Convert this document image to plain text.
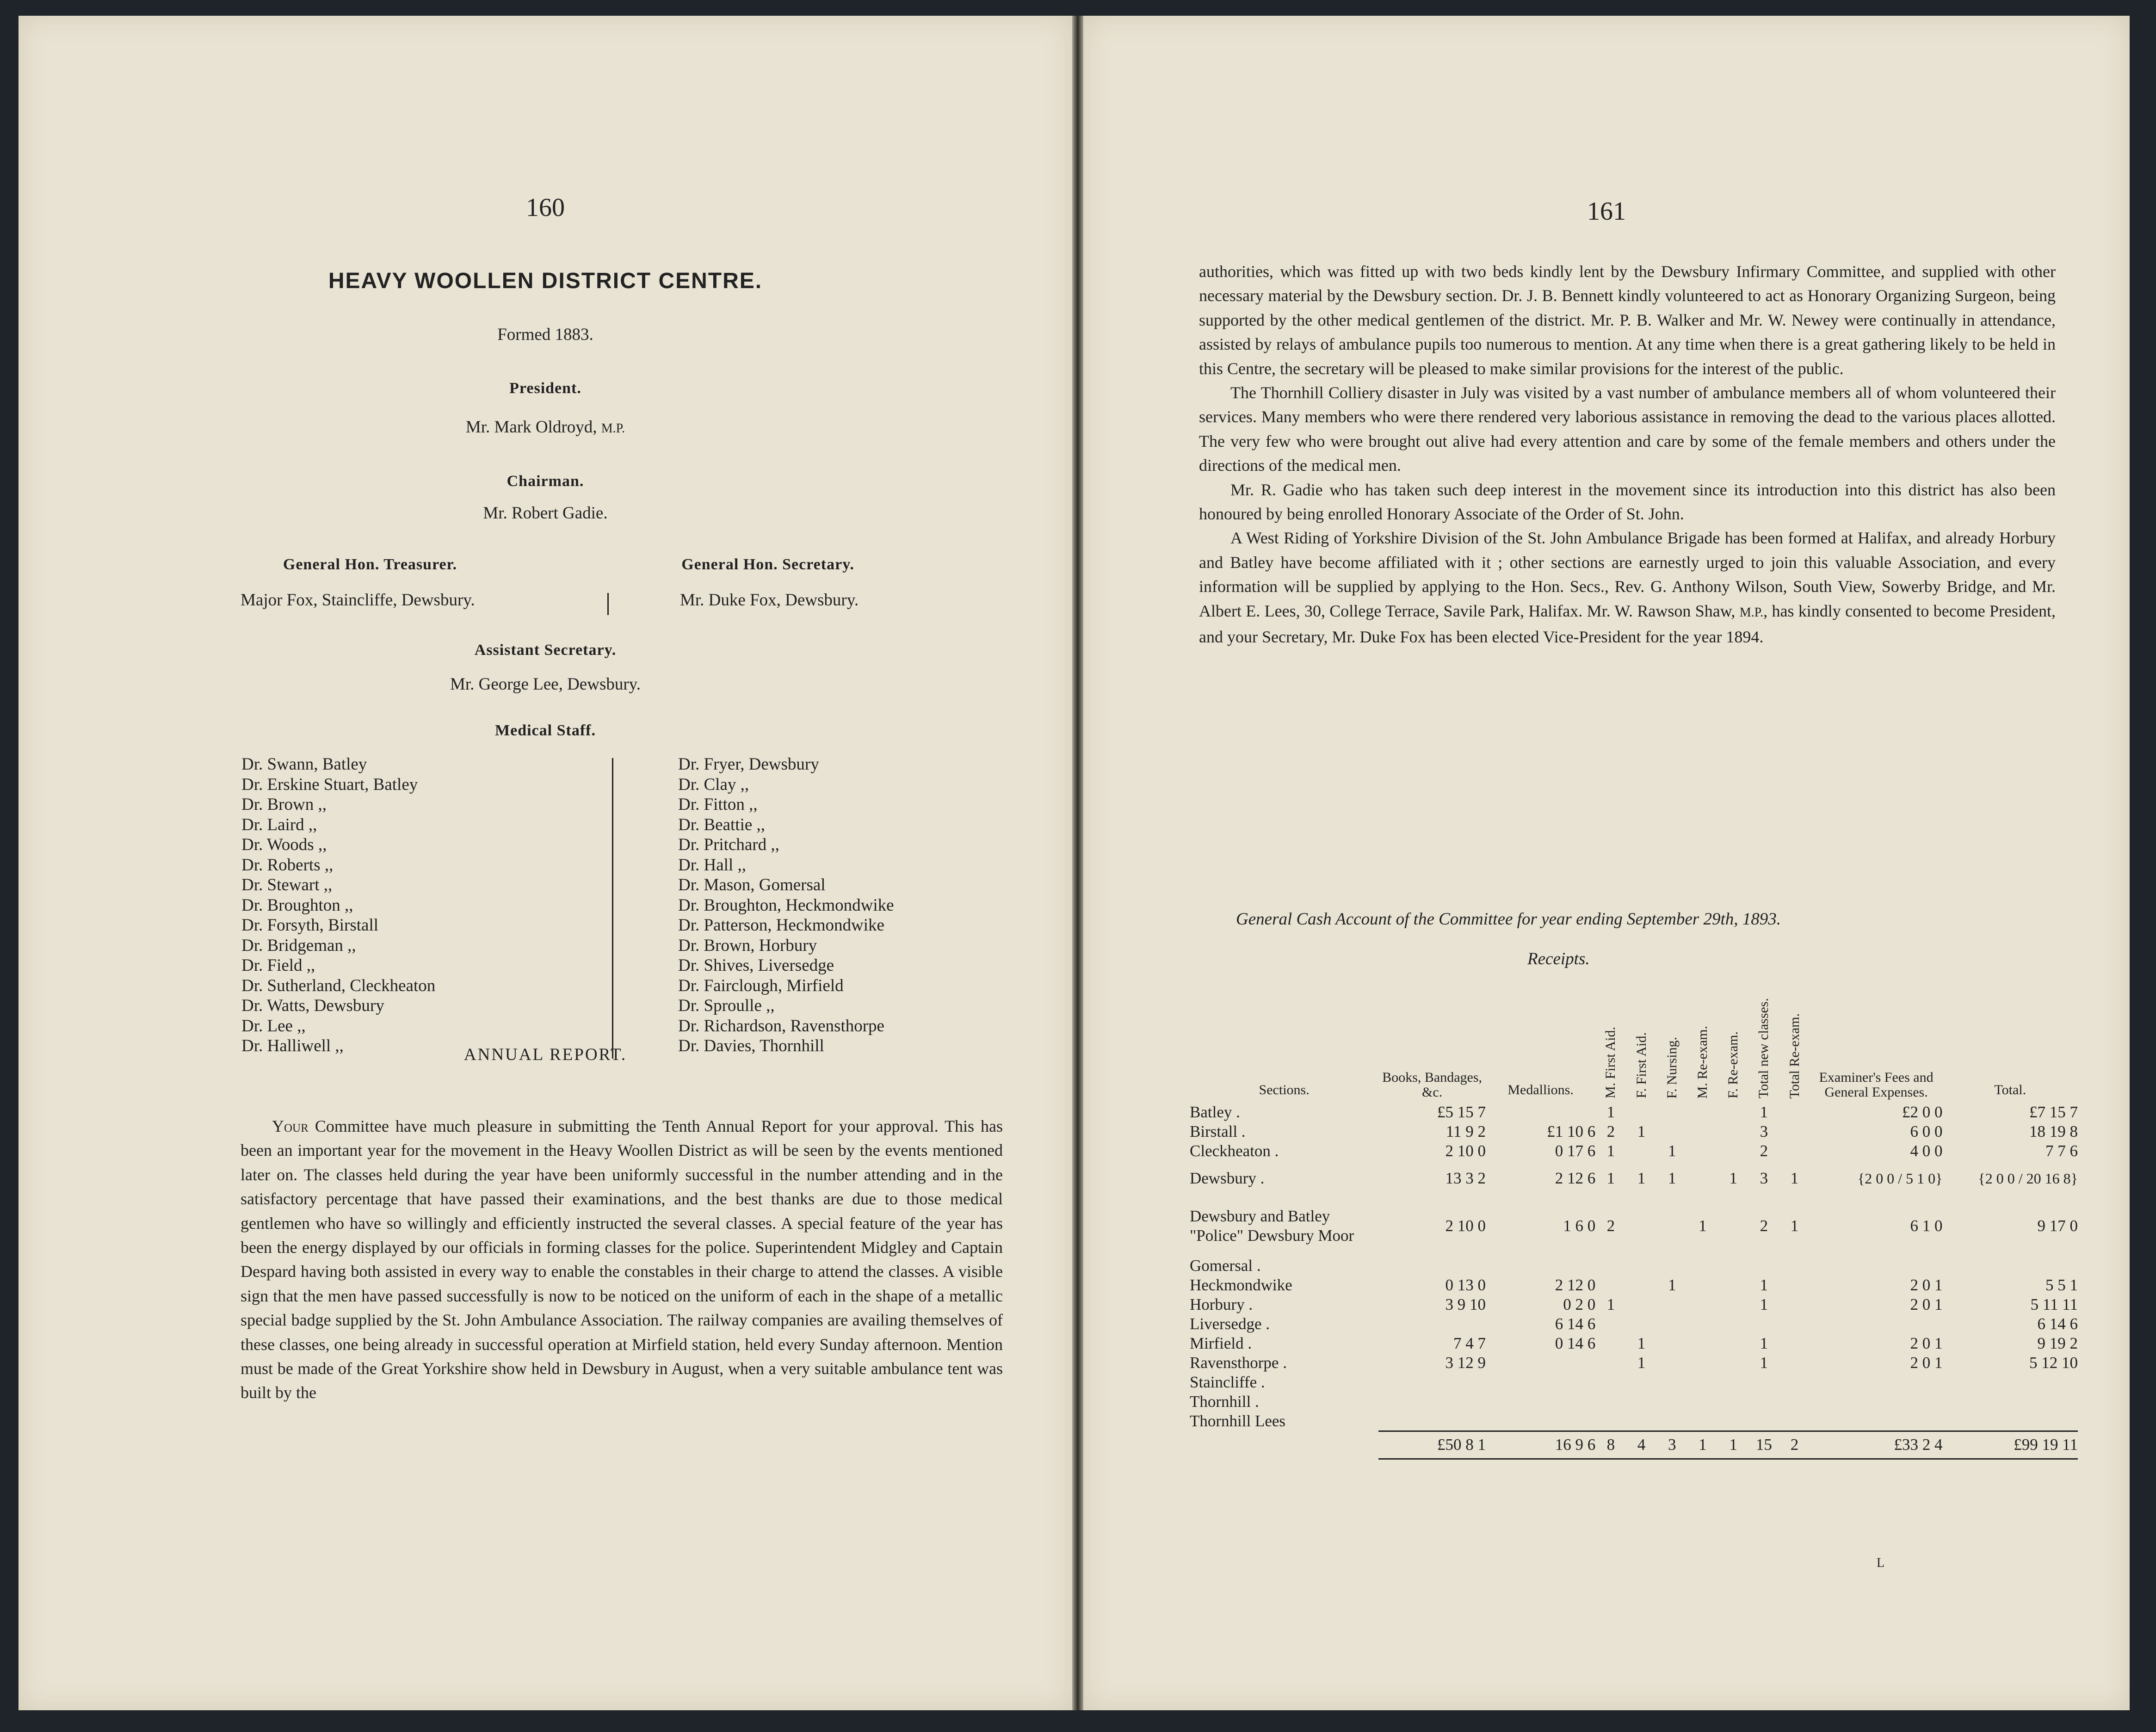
160
HEAVY WOOLLEN DISTRICT CENTRE.
Formed 1883.
President.
Mr. Mark Oldroyd, M.P.
Chairman.
Mr. Robert Gadie.
General Hon. Treasurer.	General Hon. Secretary.
Major Fox, Staincliffe, Dewsbury.	Mr. Duke Fox, Dewsbury.
Assistant Secretary.
Mr. George Lee, Dewsbury.
Medical Staff.
Dr. Swann, Batley
Dr. Erskine Stuart, Batley
Dr. Brown ,,
Dr. Laird ,,
Dr. Woods ,,
Dr. Roberts ,,
Dr. Stewart ,,
Dr. Broughton ,,
Dr. Forsyth, Birstall
Dr. Bridgeman ,,
Dr. Field ,,
Dr. Sutherland, Cleckheaton
Dr. Watts, Dewsbury
Dr. Lee ,,
Dr. Halliwell ,,
Dr. Fryer, Dewsbury
Dr. Clay ,,
Dr. Fitton ,,
Dr. Beattie ,,
Dr. Pritchard ,,
Dr. Hall ,,
Dr. Mason, Gomersal
Dr. Broughton, Heckmondwike
Dr. Patterson, Heckmondwike
Dr. Brown, Horbury
Dr. Shives, Liversedge
Dr. Fairclough, Mirfield
Dr. Sproulle ,,
Dr. Richardson, Ravensthorpe
Dr. Davies, Thornhill
ANNUAL REPORT.

Your Committee have much pleasure in submitting the Tenth Annual Report for your approval. This has been an important year for the movement in the Heavy Woollen District as will be seen by the events mentioned later on. The classes held during the year have been uniformly successful in the number attending and in the satisfactory percentage that have passed their examinations, and the best thanks are due to those medical gentlemen who have so willingly and efficiently instructed the several classes. A special feature of the year has been the energy displayed by our officials in forming classes for the police. Superintendent Midgley and Captain Despard having both assisted in every way to enable the constables in their charge to attend the classes. A visible sign that the men have passed successfully is now to be noticed on the uniform of each in the shape of a metallic special badge supplied by the St. John Ambulance Association. The railway companies are availing themselves of these classes, one being already in successful operation at Mirfield station, held every Sunday afternoon. Mention must be made of the Great Yorkshire show held in Dewsbury in August, when a very suitable ambulance tent was built by the

161

authorities, which was fitted up with two beds kindly lent by the Dewsbury Infirmary Committee, and supplied with other necessary material by the Dewsbury section. Dr. J. B. Bennett kindly volunteered to act as Honorary Organizing Surgeon, being supported by the other medical gentlemen of the district. Mr. P. B. Walker and Mr. W. Newey were continually in attendance, assisted by relays of ambulance pupils too numerous to mention. At any time when there is a great gathering likely to be held in this Centre, the secretary will be pleased to make similar provisions for the interest of the public.

The Thornhill Colliery disaster in July was visited by a vast number of ambulance members all of whom volunteered their services. Many members who were there rendered very laborious assistance in removing the dead to the various places allotted. The very few who were brought out alive had every attention and care by some of the female members and others under the directions of the medical men.

Mr. R. Gadie who has taken such deep interest in the movement since its introduction into this district has also been honoured by being enrolled Honorary Associate of the Order of St. John.

A West Riding of Yorkshire Division of the St. John Ambulance Brigade has been formed at Halifax, and already Horbury and Batley have become affiliated with it ; other sections are earnestly urged to join this valuable Association, and every information will be supplied by applying to the Hon. Secs., Rev. G. Anthony Wilson, South View, Sowerby Bridge, and Mr. Albert E. Lees, 30, College Terrace, Savile Park, Halifax. Mr. W. Rawson Shaw, M.P., has kindly consented to become President, and your Secretary, Mr. Duke Fox has been elected Vice-President for the year 1894.

General Cash Account of the Committee for year ending September 29th, 1893.
Receipts.
Sections.	Books, Bandages, &c.	Medallions.	M. First Aid.	F. First Aid.	F. Nursing.	M. Re-exam.	F. Re-exam.	Total new classes.	Total Re-exam.	Examiner's Fees and General Expenses.	Total.
Batley .	£5 15 7		1					1		£2 0 0	£7 15 7
Birstall .	11 9 2	£1 10 6	2	1				3		6 0 0	18 19 8
Cleckheaton .	2 10 0	0 17 6	1		1			2		4 0 0	7 7 6
Dewsbury .	13 3 2	2 12 6	1	1	1		1	3	1	{2 0 0 / 5 1 0}	{2 0 0 / 20 16 8}
Dewsbury and Batley "Police" Dewsbury Moor	2 10 0	1 6 0	2			1		2	1	6 1 0	9 17 0
Gomersal .											
Heckmondwike	0 13 0	2 12 0			1			1		2 0 1	5 5 1
Horbury .	3 9 10	0 2 0	1					1		2 0 1	5 11 11
Liversedge .		6 14 6									6 14 6
Mirfield .	7 4 7	0 14 6		1				1		2 0 1	9 19 2
Ravensthorpe .	3 12 9			1				1		2 0 1	5 12 10
Staincliffe .											
Thornhill .											
Thornhill Lees											
	£50 8 1	16 9 6	8	4	3	1	1	15	2	£33 2 4	£99 19 11
L
